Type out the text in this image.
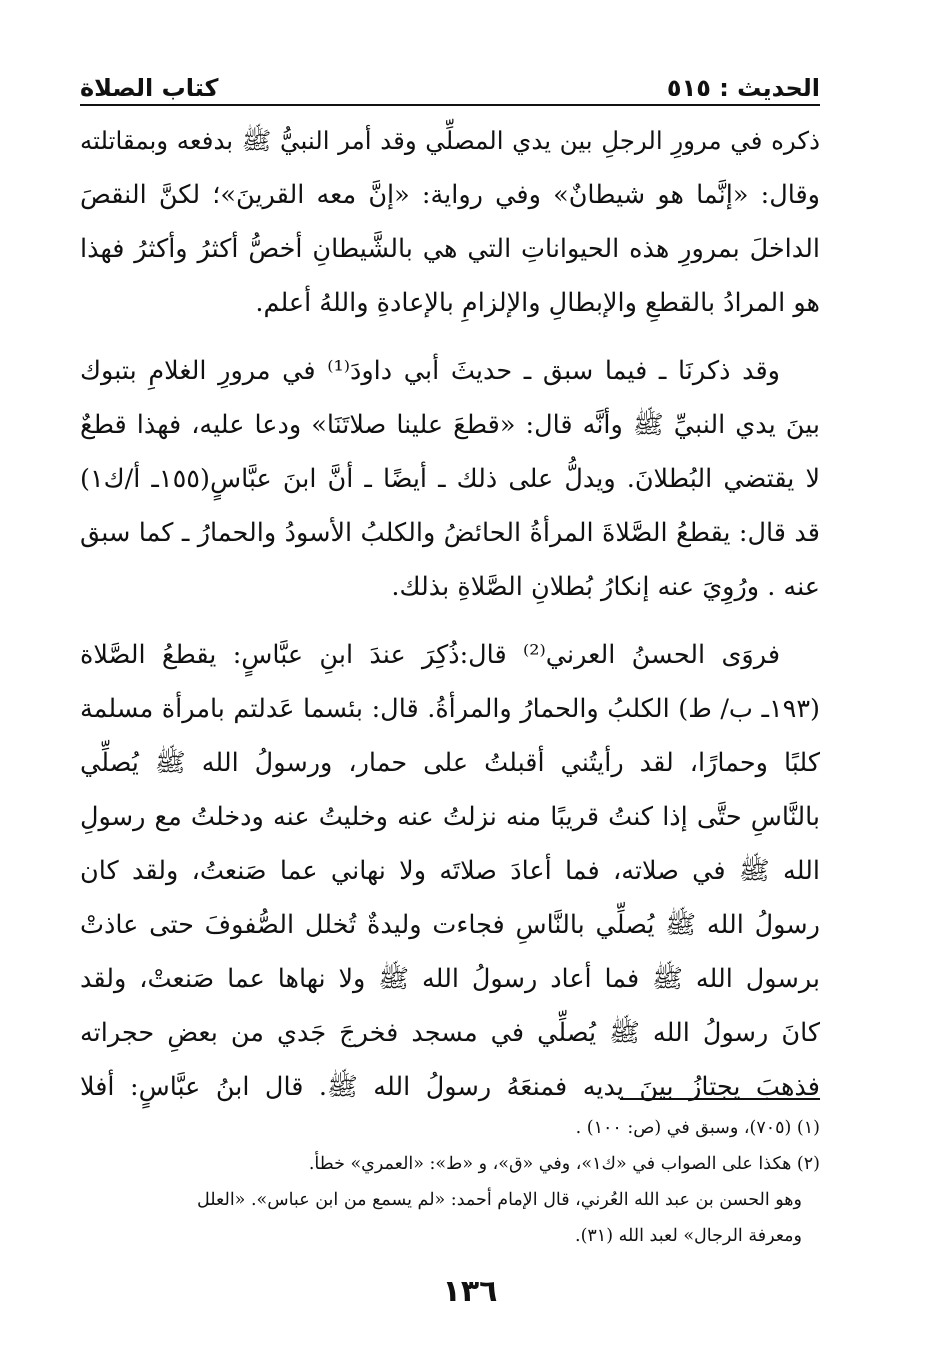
الحديث : ٥١٥
كتاب الصلاة

ذكره في مرورِ الرجلِ بين يدي المصلِّي وقد أمر النبيُّ ﷺ بدفعه وبمقاتلته
وقال: «إنَّما هو شيطانٌ» وفي رواية: «إنَّ معه القرينَ»؛ لكنَّ النقصَ
الداخلَ بمرورِ هذه الحيواناتِ التي هي بالشَّيطانِ أخصُّ أكثرُ وأكثرُ فهذا
هو المرادُ بالقطعِ والإبطالِ والإلزامِ بالإعادةِ واللهُ أعلم.

وقد ذكرنَا ـ فيما سبق ـ حديثَ أبي داودَ⁽¹⁾ في مرورِ الغلامِ بتبوك
بينَ يدي النبيِّ ﷺ وأنَّه قال: «قطعَ علينا صلاتَنَا» ودعا عليه، فهذا قطعٌ
لا يقتضي البُطلانَ. ويدلُّ على ذلك ـ أيضًا ـ أنَّ ابنَ عبَّاسٍ(١٥٥ـ أ/ك١)
قد قال: يقطعُ الصَّلاةَ المرأةُ الحائضُ والكلبُ الأسودُ والحمارُ ـ كما سبق
عنه . ورُوِيَ عنه إنكارُ بُطلانِ الصَّلاةِ بذلك.

فروَى الحسنُ العرني⁽²⁾ قال:ذُكِرَ عندَ ابنِ عبَّاسٍ: يقطعُ الصَّلاة
(١٩٣ـ ب/ ط) الكلبُ والحمارُ والمرأةُ. قال: بئسما عَدلتم بامرأة مسلمة
كلبًا وحمارًا، لقد رأيتُني أقبلتُ على حمار، ورسولُ الله ﷺ يُصلِّي
بالنَّاسِ حتَّى إذا كنتُ قريبًا منه نزلتُ عنه وخليتُ عنه ودخلتُ مع رسولِ
الله ﷺ في صلاته، فما أعادَ صلاتَه ولا نهاني عما صَنعتُ، ولقد كان
رسولُ الله ﷺ يُصلِّي بالنَّاسِ فجاءت وليدةٌ تُخلل الصُّفوفَ حتى عاذتْ
برسول الله ﷺ فما أعاد رسولُ الله ﷺ ولا نهاها عما صَنعتْ، ولقد
كانَ رسولُ الله ﷺ يُصلِّي في مسجد فخرجَ جَدي من بعضِ حجراته
فذهبَ يجتازُ بينَ يديه فمنعَهُ رسولُ الله ﷺ. قال ابنُ عبَّاسٍ: أفلا

(١) (٧٠٥)، وسبق في (ص: ١٠٠) .

(٢) هكذا على الصواب في «ك١»، وفي «ق»، و «ط»: «العمري» خطأ.

وهو الحسن بن عبد الله العُرني، قال الإمام أحمد: «لم يسمع من ابن عباس». «العلل

ومعرفة الرجال» لعبد الله (٣١).

١٣٦
